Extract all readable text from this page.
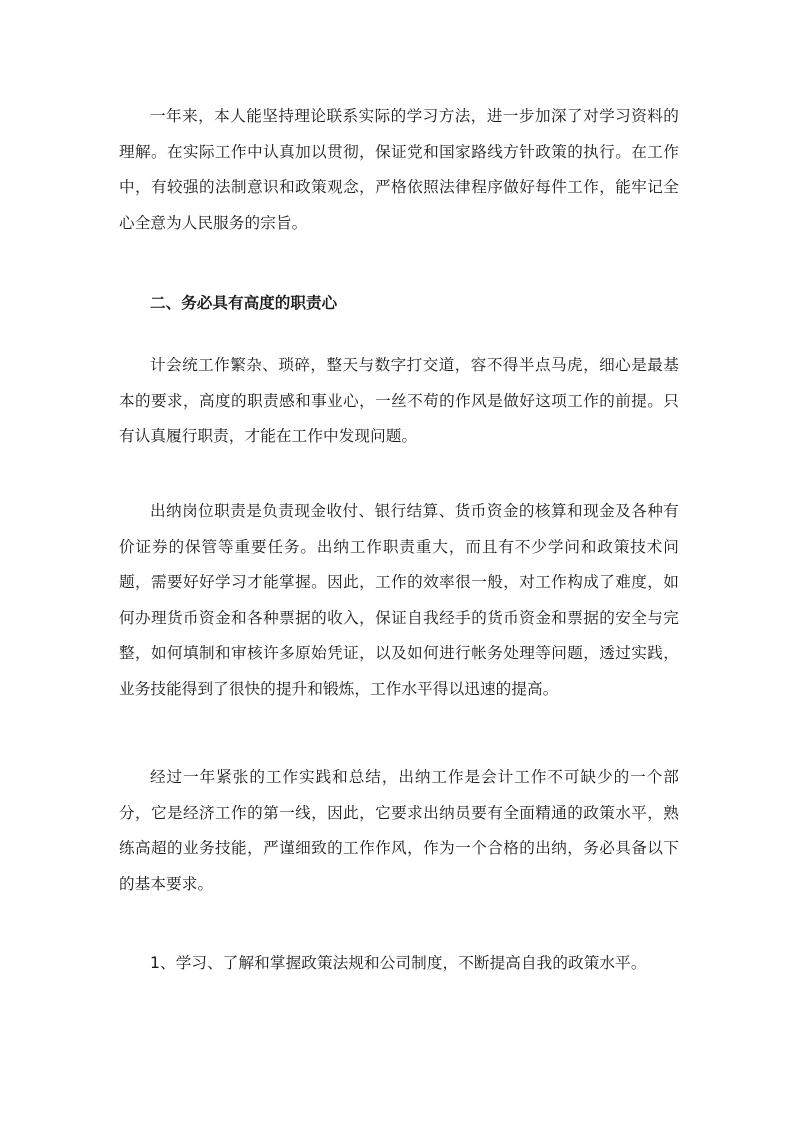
一年来，本人能坚持理论联系实际的学习方法，进一步加深了对学习资料的理解。在实际工作中认真加以贯彻，保证党和国家路线方针政策的执行。在工作中，有较强的法制意识和政策观念，严格依照法律程序做好每件工作，能牢记全心全意为人民服务的宗旨。

二、务必具有高度的职责心

计会统工作繁杂、琐碎，整天与数字打交道，容不得半点马虎，细心是最基本的要求，高度的职责感和事业心，一丝不苟的作风是做好这项工作的前提。只有认真履行职责，才能在工作中发现问题。

出纳岗位职责是负责现金收付、银行结算、货币资金的核算和现金及各种有价证券的保管等重要任务。出纳工作职责重大，而且有不少学问和政策技术问题，需要好好学习才能掌握。因此，工作的效率很一般，对工作构成了难度，如何办理货币资金和各种票据的收入，保证自我经手的货币资金和票据的安全与完整，如何填制和审核许多原始凭证，以及如何进行帐务处理等问题，透过实践，业务技能得到了很快的提升和锻炼，工作水平得以迅速的提高。

经过一年紧张的工作实践和总结，出纳工作是会计工作不可缺少的一个部分，它是经济工作的第一线，因此，它要求出纳员要有全面精通的政策水平，熟练高超的业务技能，严谨细致的工作作风，作为一个合格的出纳，务必具备以下的基本要求。

1、学习、了解和掌握政策法规和公司制度，不断提高自我的政策水平。
